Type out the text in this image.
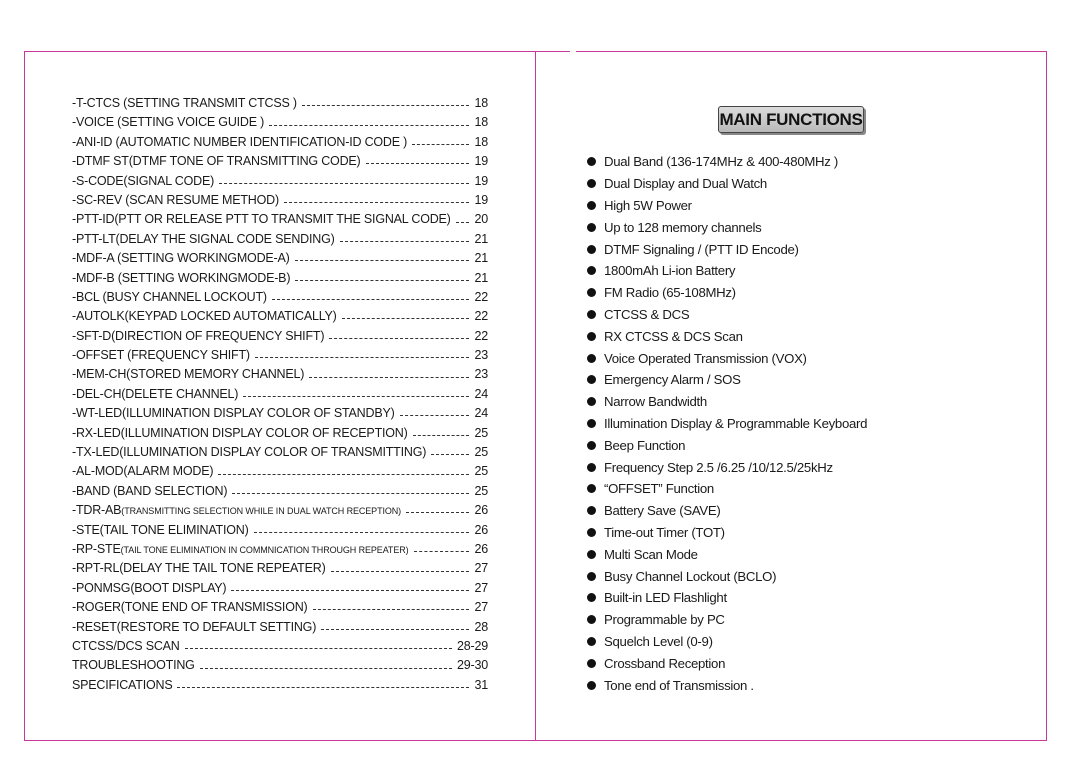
-T-CTCS (SETTING TRANSMIT CTCSS )	18
-VOICE (SETTING VOICE GUIDE )	18
-ANI-ID (AUTOMATIC NUMBER IDENTIFICATION-ID CODE )	18
-DTMF ST(DTMF TONE OF TRANSMITTING CODE)	19
-S-CODE(SIGNAL CODE)	19
-SC-REV (SCAN RESUME METHOD)	19
-PTT-ID(PTT OR RELEASE PTT TO TRANSMIT THE SIGNAL CODE) 20
-PTT-LT(DELAY THE SIGNAL CODE SENDING)	21
-MDF-A (SETTING WORKINGMODE-A)	21
-MDF-B (SETTING WORKINGMODE-B)	21
-BCL (BUSY CHANNEL LOCKOUT)	22
-AUTOLK(KEYPAD LOCKED AUTOMATICALLY)	22
-SFT-D(DIRECTION OF FREQUENCY SHIFT)	22
-OFFSET (FREQUENCY SHIFT)	23
-MEM-CH(STORED MEMORY CHANNEL)	23
-DEL-CH(DELETE CHANNEL)	24
-WT-LED(ILLUMINATION DISPLAY COLOR OF STANDBY)	24
-RX-LED(ILLUMINATION DISPLAY COLOR OF RECEPTION)	25
-TX-LED(ILLUMINATION DISPLAY COLOR OF TRANSMITTING)	25
-AL-MOD(ALARM MODE)	25
-BAND (BAND SELECTION)	25
-TDR-AB(TRANSMITTING SELECTION WHILE IN DUAL WATCH RECEPTION)	26
-STE(TAIL TONE ELIMINATION)	26
-RP-STE(TAIL TONE ELIMINATION IN COMMNICATION THROUGH REPEATER)	26
-RPT-RL(DELAY THE TAIL TONE REPEATER)	27
-PONMSG(BOOT DISPLAY)	27
-ROGER(TONE END OF TRANSMISSION)	27
-RESET(RESTORE TO DEFAULT SETTING)	28
CTCSS/DCS SCAN	28-29
TROUBLESHOOTING	29-30
SPECIFICATIONS	31
MAIN FUNCTIONS
Dual Band (136-174MHz & 400-480MHz )
Dual Display and Dual Watch
High 5W Power
Up to 128 memory channels
DTMF Signaling / (PTT ID Encode)
1800mAh Li-ion Battery
FM Radio (65-108MHz)
CTCSS & DCS
RX CTCSS & DCS Scan
Voice Operated Transmission (VOX)
Emergency Alarm / SOS
Narrow Bandwidth
Illumination Display & Programmable Keyboard
Beep Function
Frequency Step 2.5 /6.25 /10/12.5/25kHz
“OFFSET” Function
Battery Save (SAVE)
Time-out Timer (TOT)
Multi Scan Mode
Busy Channel Lockout (BCLO)
Built-in LED Flashlight
Programmable by PC
Squelch Level (0-9)
Crossband Reception
Tone end of Transmission .
